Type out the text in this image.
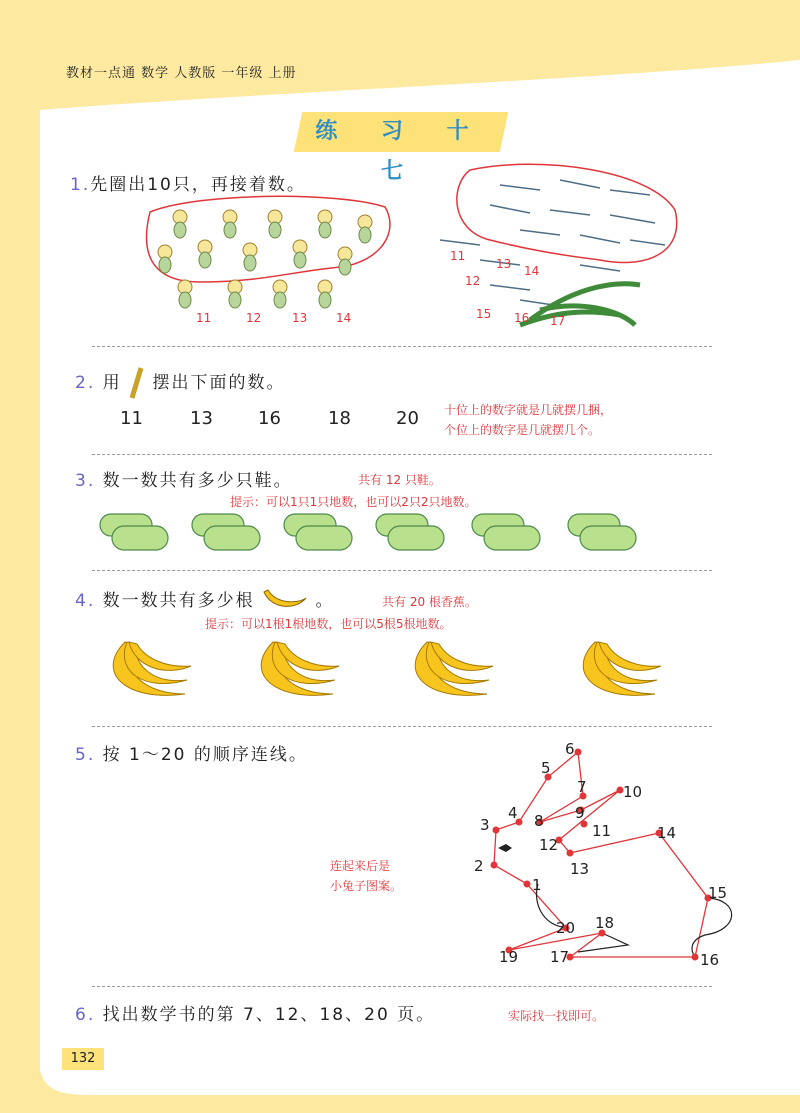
教材一点通 数学 人教版 一年级 上册
练 习 十 七
1.先圈出10只，再接着数。
11	12	13 14
11
12
13 14
15 16 17
2. 用 摆出下面的数。
11	13	16	18	20 十位上的数字就是几就摆几捆，
个位上的数字是几就摆几个。
3. 数一数共有多少只鞋。	共有 12 只鞋。
提示：可以1只1只地数，也可以2只2只地数。
4. 数一数共有多少根	。	共有 20 根香蕉。
提示：可以1根1根地数，也可以5根5根地数。
5. 按 1～20 的顺序连线。
连起来后是
小兔子图案。	1
2
3
4
5
6
7
8 9
10
11
12
13
14
15
16
17
18
19
20
6. 找出数学书的第 7、12、18、20 页。	实际找一找即可。
132
